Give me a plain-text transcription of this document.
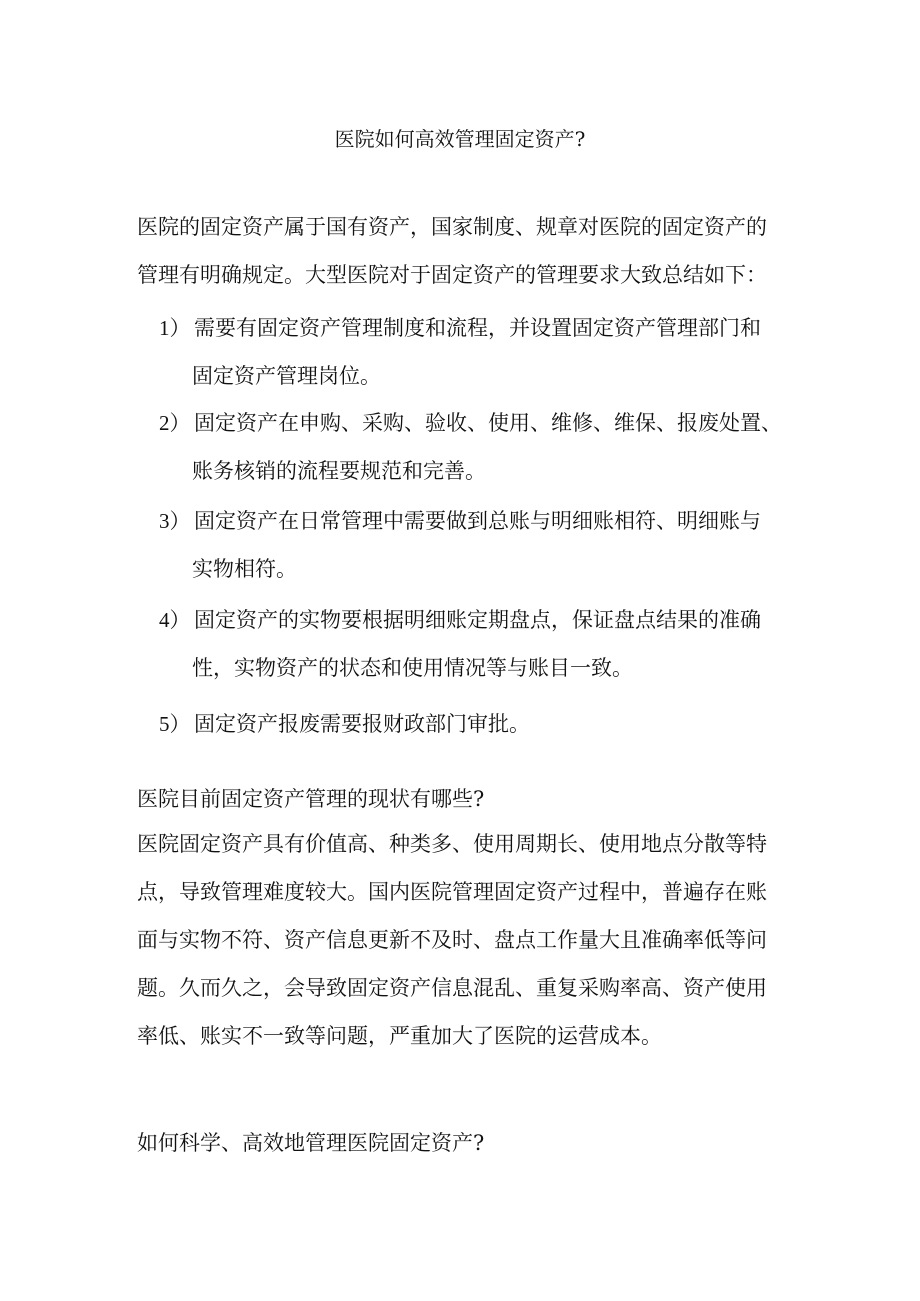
医院如何高效管理固定资产?
医院的固定资产属于国有资产，国家制度、规章对医院的固定资产的
管理有明确规定。大型医院对于固定资产的管理要求大致总结如下：
1） 需要有固定资产管理制度和流程，并设置固定资产管理部门和
固定资产管理岗位。
2） 固定资产在申购、采购、验收、使用、维修、维保、报废处置、
账务核销的流程要规范和完善。
3） 固定资产在日常管理中需要做到总账与明细账相符、明细账与
实物相符。
4） 固定资产的实物要根据明细账定期盘点，保证盘点结果的准确
性，实物资产的状态和使用情况等与账目一致。
5） 固定资产报废需要报财政部门审批。
医院目前固定资产管理的现状有哪些?
医院固定资产具有价值高、种类多、使用周期长、使用地点分散等特
点，导致管理难度较大。国内医院管理固定资产过程中，普遍存在账
面与实物不符、资产信息更新不及时、盘点工作量大且准确率低等问
题。久而久之，会导致固定资产信息混乱、重复采购率高、资产使用
率低、账实不一致等问题，严重加大了医院的运营成本。
如何科学、高效地管理医院固定资产?
